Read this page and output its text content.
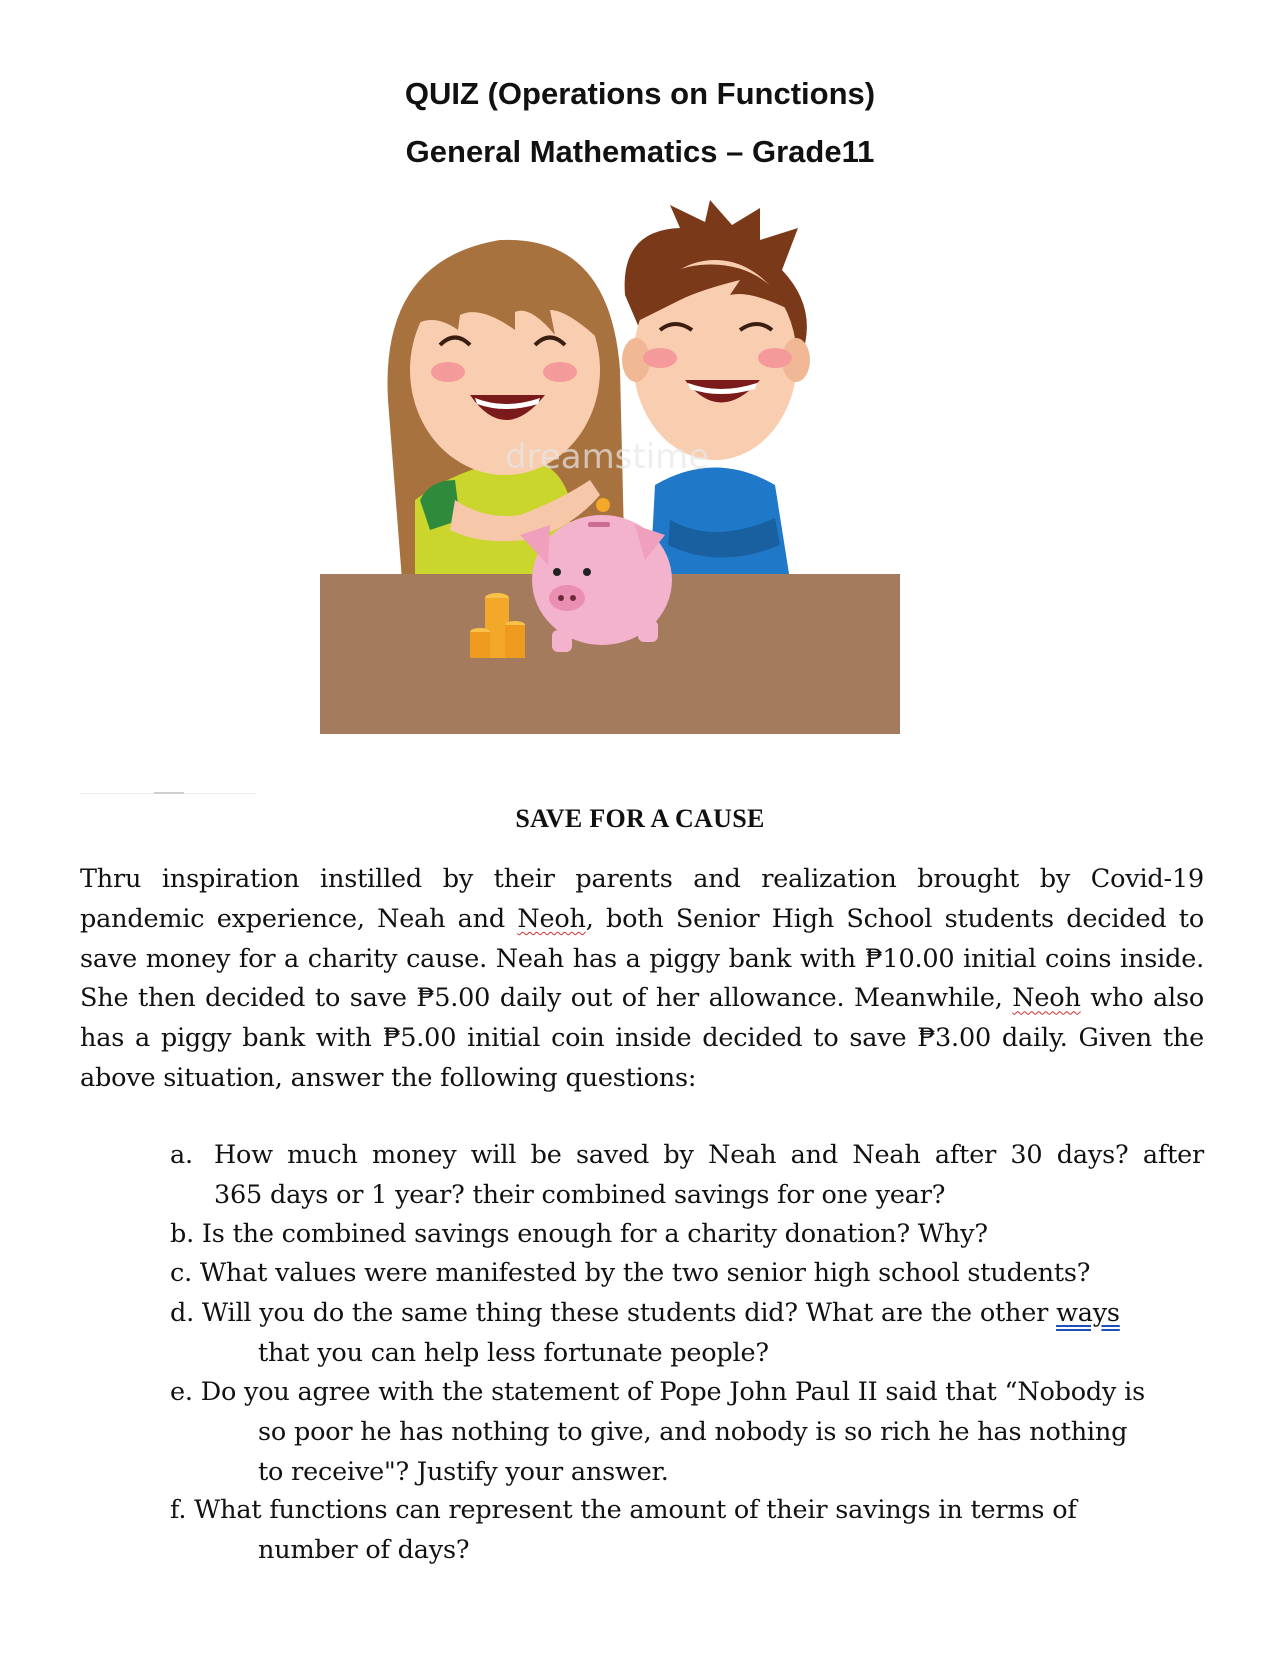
QUIZ (Operations on Functions)
General Mathematics – Grade11
dreamstime
SAVE FOR A CAUSE
Thru inspiration instilled by their parents and realization brought by Covid-19 pandemic experience, Neah and Neoh, both Senior High School students decided to save money for a charity cause. Neah has a piggy bank with ₱10.00 initial coins inside. She then decided to save ₱5.00 daily out of her allowance. Meanwhile, Neoh who also has a piggy bank with ₱5.00 initial coin inside decided to save ₱3.00 daily. Given the above situation, answer the following questions:
a. How much money will be saved by Neah and Neah after 30 days? after
365 days or 1 year? their combined savings for one year?
b. Is the combined savings enough for a charity donation? Why?
c. What values were manifested by the two senior high school students?
d. Will you do the same thing these students did? What are the other ways
that you can help less fortunate people?
e. Do you agree with the statement of Pope John Paul II said that “Nobody is
so poor he has nothing to give, and nobody is so rich he has nothing
to receive"? Justify your answer.
f. What functions can represent the amount of their savings in terms of
number of days?
